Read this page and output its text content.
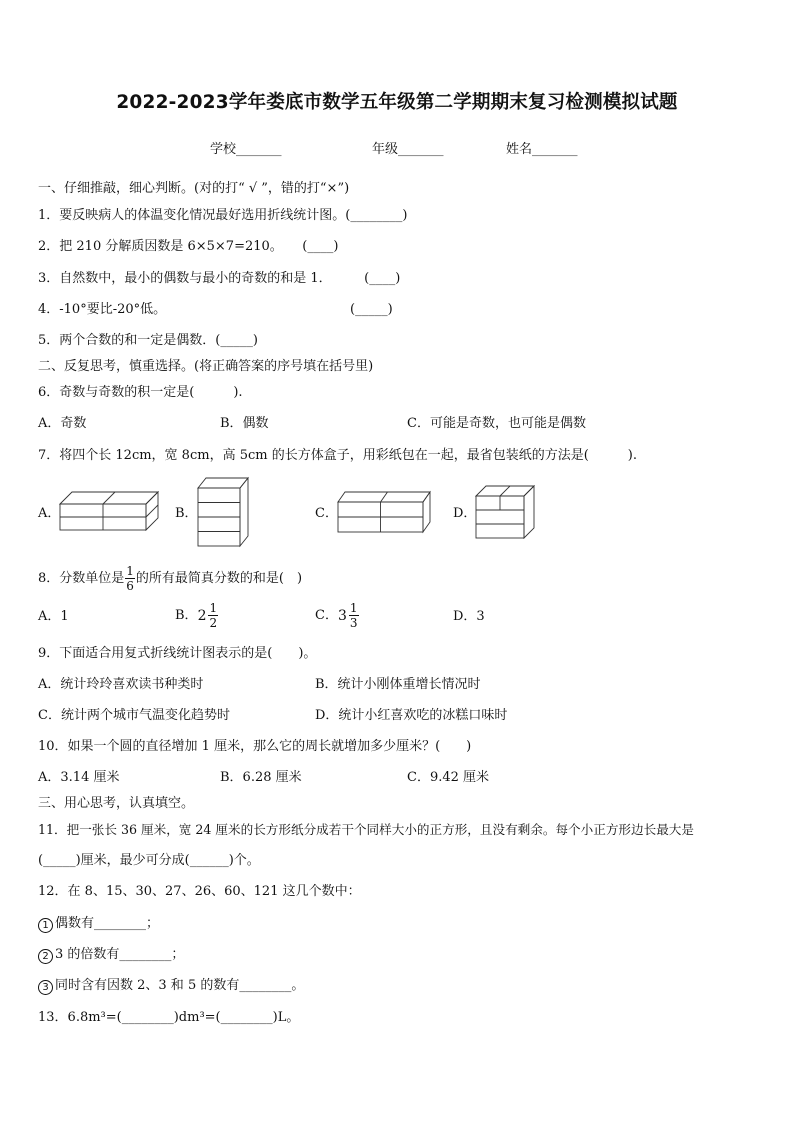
2022-2023学年娄底市数学五年级第二学期期末复习检测模拟试题
学校_______	年级_______	姓名_______
一、仔细推敲，细心判断。(对的打“ √ ”，错的打“×”)
1．要反映病人的体温变化情况最好选用折线统计图。(________)
2．把 210 分解质因数是 6×5×7=210。　　(____)
3．自然数中，最小的偶数与最小的奇数的和是 1．　　　(____)
4．-10°要比-20°低。	(_____)
5．两个合数的和一定是偶数．(_____)
二、反复思考，慎重选择。(将正确答案的序号填在括号里)
6．奇数与奇数的积一定是(　　　).
A．奇数	B．偶数	C．可能是奇数，也可能是偶数
7．将四个长 12cm，宽 8cm，高 5cm 的长方体盒子，用彩纸包在一起，最省包装纸的方法是(　　　).
A．	B．	C．	D．
8．分数单位是 $\frac{1}{6}$ 的所有最简真分数的和是(　)
A．1	B． $2 \frac{1}{2}$	C． $3 \frac{1}{3}$	D．3
9．下面适合用复式折线统计图表示的是(　　)。
A．统计玲玲喜欢读书种类时	B．统计小刚体重增长情况时
C．统计两个城市气温变化趋势时	D．统计小红喜欢吃的冰糕口味时
10．如果一个圆的直径增加 1 厘米，那么它的周长就增加多少厘米？(　　)
A．3.14 厘米	B．6.28 厘米	C．9.42 厘米
三、用心思考，认真填空。
11．把一张长 36 厘米，宽 24 厘米的长方形纸分成若干个同样大小的正方形，且没有剩余。每个小正方形边长最大是
(_____)厘米，最少可分成(______)个。
12．在 8、15、30、27、26、60、121 这几个数中：
1 偶数有________；
2 3 的倍数有________；
3 同时含有因数 2、3 和 5 的数有________。
13．6.8m³=(________)dm³=(________)L。
